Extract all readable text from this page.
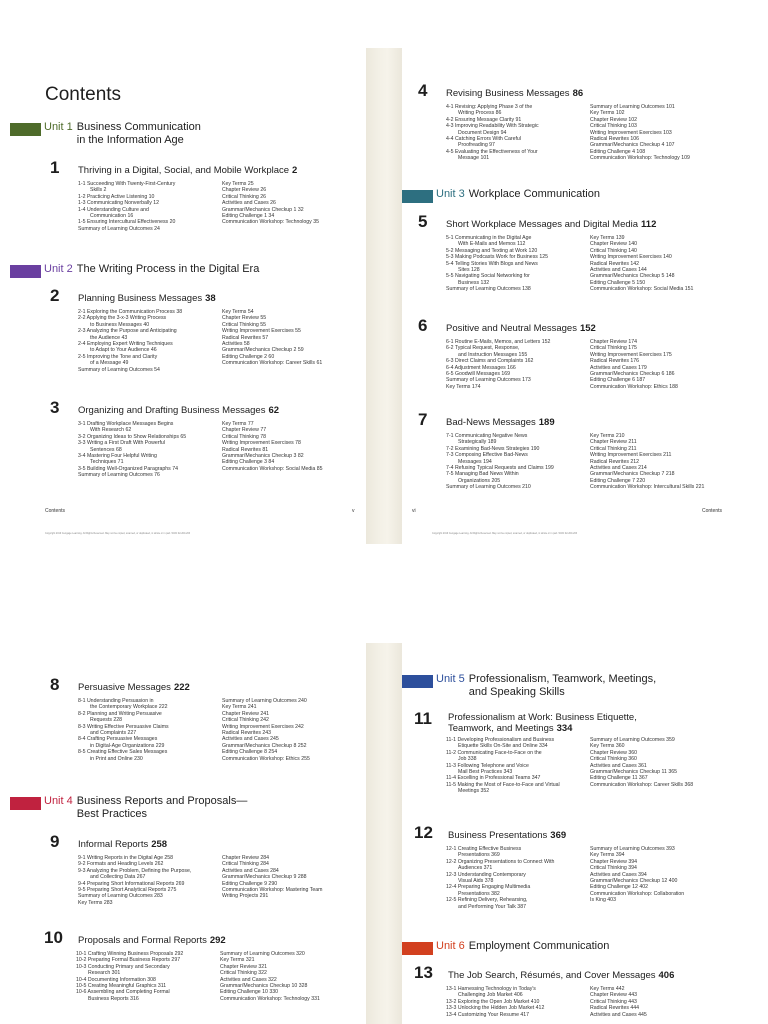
Contents
Unit 1 Business Communication
in the Information Age
1	Thriving in a Digital, Social, and Mobile Workplace 2
1-1 Succeeding With Twenty-First-Century
Skills 2
1-2 Practicing Active Listening 10
1-3 Communicating Nonverbally 12
1-4 Understanding Culture and
Communication 16
1-5 Ensuring Intercultural Effectiveness 20
Summary of Learning Outcomes 24
Key Terms 25
Chapter Review 26
Critical Thinking 26
Activities and Cases 26
Grammar/Mechanics Checkup 1 32
Editing Challenge 1 34
Communication Workshop: Technology 35
Unit 2 The Writing Process in the Digital Era
2	Planning Business Messages 38
2-1 Exploring the Communication Process 38
2-2 Applying the 3-x-3 Writing Process
to Business Messages 40
2-3 Analyzing the Purpose and Anticipating
the Audience 43
2-4 Employing Expert Writing Techniques
to Adapt to Your Audience 46
2-5 Improving the Tone and Clarity
of a Message 49
Summary of Learning Outcomes 54
Key Terms 54
Chapter Review 55
Critical Thinking 55
Writing Improvement Exercises 55
Radical Rewrites 57
Activities 58
Grammar/Mechanics Checkup 2 59
Editing Challenge 2 60
Communication Workshop: Career Skills 61
3	Organizing and Drafting Business Messages 62
3-1 Drafting Workplace Messages Begins
With Research 62
3-2 Organizing Ideas to Show Relationships 65
3-3 Writing a First Draft With Powerful
Sentences 68
3-4 Mastering Four Helpful Writing
Techniques 71
3-5 Building Well-Organized Paragraphs 74
Summary of Learning Outcomes 76
Key Terms 77
Chapter Review 77
Critical Thinking 78
Writing Improvement Exercises 78
Radical Rewrites 81
Grammar/Mechanics Checkup 3 82
Editing Challenge 3 84
Communication Workshop: Social Media 85
Contents	v
Copyright 2019 Cengage Learning. All Rights Reserved. May not be copied, scanned, or duplicated, in whole or in part. WCN 02-200-203
4	Revising Business Messages 86
4-1 Revising: Applying Phase 3 of the
Writing Process 86
4-2 Ensuring Message Clarity 91
4-3 Improving Readability With Strategic
Document Design 94
4-4 Catching Errors With Careful
Proofreading 97
4-5 Evaluating the Effectiveness of Your
Message 101
Summary of Learning Outcomes 101
Key Terms 102
Chapter Review 102
Critical Thinking 103
Writing Improvement Exercises 103
Radical Rewrites 106
Grammar/Mechanics Checkup 4 107
Editing Challenge 4 108
Communication Workshop: Technology 109
Unit 3 Workplace Communication
5	Short Workplace Messages and Digital Media 112
5-1 Communicating in the Digital Age
With E-Mails and Memos 112
5-2 Messaging and Texting at Work 120
5-3 Making Podcasts Work for Business 125
5-4 Telling Stories With Blogs and News
Sites 128
5-5 Navigating Social Networking for
Business 132
Summary of Learning Outcomes 138
Key Terms 139
Chapter Review 140
Critical Thinking 140
Writing Improvement Exercises 140
Radical Rewrites 142
Activities and Cases 144
Grammar/Mechanics Checkup 5 148
Editing Challenge 5 150
Communication Workshop: Social Media 151
6	Positive and Neutral Messages 152
6-1 Routine E-Mails, Memos, and Letters 152
6-2 Typical Request, Response,
and Instruction Messages 155
6-3 Direct Claims and Complaints 162
6-4 Adjustment Messages 166
6-5 Goodwill Messages 169
Summary of Learning Outcomes 173
Key Terms 174
Chapter Review 174
Critical Thinking 175
Writing Improvement Exercises 175
Radical Rewrites 176
Activities and Cases 179
Grammar/Mechanics Checkup 6 186
Editing Challenge 6 187
Communication Workshop: Ethics 188
7	Bad-News Messages 189
7-1 Communicating Negative News
Strategically 189
7-2 Examining Bad-News Strategies 190
7-3 Composing Effective Bad-News
Messages 194
7-4 Refusing Typical Requests and Claims 199
7-5 Managing Bad News Within
Organizations 205
Summary of Learning Outcomes 210
Key Terms 210
Chapter Review 211
Critical Thinking 211
Writing Improvement Exercises 211
Radical Rewrites 212
Activities and Cases 214
Grammar/Mechanics Checkup 7 218
Editing Challenge 7 220
Communication Workshop: Intercultural Skills 221
vi	Contents
Copyright 2019 Cengage Learning. All Rights Reserved. May not be copied, scanned, or duplicated, in whole or in part. WCN 02-200-203
8	Persuasive Messages 222
8-1 Understanding Persuasion in
the Contemporary Workplace 222
8-2 Planning and Writing Persuasive
Requests 228
8-3 Writing Effective Persuasive Claims
and Complaints 227
8-4 Crafting Persuasive Messages
in Digital-Age Organizations 229
8-5 Creating Effective Sales Messages
in Print and Online 230
Summary of Learning Outcomes 240
Key Terms 241
Chapter Review 241
Critical Thinking 242
Writing Improvement Exercises 242
Radical Rewrites 243
Activities and Cases 245
Grammar/Mechanics Checkup 8 252
Editing Challenge 8 254
Communication Workshop: Ethics 255
Unit 4 Business Reports and Proposals—
Best Practices
9	Informal Reports 258
9-1 Writing Reports in the Digital Age 258
9-2 Formats and Heading Levels 262
9-3 Analyzing the Problem, Defining the Purpose,
and Collecting Data 267
9-4 Preparing Short Informational Reports 269
9-5 Preparing Short Analytical Reports 275
Summary of Learning Outcomes 283
Key Terms 283
Chapter Review 284
Critical Thinking 284
Activities and Cases 284
Grammar/Mechanics Checkup 9 288
Editing Challenge 9 290
Communication Workshop: Mastering Team
Writing Projects 291
10	Proposals and Formal Reports 292
10-1 Crafting Winning Business Proposals 292
10-2 Preparing Formal Business Reports 297
10-3 Conducting Primary and Secondary
Research 301
10-4 Documenting Information 308
10-5 Creating Meaningful Graphics 311
10-6 Assembling and Completing Formal
Business Reports 316
Summary of Learning Outcomes 320
Key Terms 321
Chapter Review 321
Critical Thinking 322
Activities and Cases 322
Grammar/Mechanics Checkup 10 328
Editing Challenge 10 330
Communication Workshop: Technology 331
Unit 5 Professionalism, Teamwork, Meetings,
and Speaking Skills
11	Professionalism at Work: Business Etiquette,
Teamwork, and Meetings 334
11-1 Developing Professionalism and Business
Etiquette Skills On-Site and Online 334
11-2 Communicating Face-to-Face on the
Job 338
11-3 Following Telephone and Voice
Mail Best Practices 343
11-4 Excelling in Professional Teams 347
11-5 Making the Most of Face-to-Face and Virtual
Meetings 352
Summary of Learning Outcomes 359
Key Terms 360
Chapter Review 360
Critical Thinking 360
Activities and Cases 361
Grammar/Mechanics Checkup 11 365
Editing Challenge 11 367
Communication Workshop: Career Skills 368
12	Business Presentations 369
12-1 Creating Effective Business
Presentations 369
12-2 Organizing Presentations to Connect With
Audiences 371
12-3 Understanding Contemporary
Visual Aids 378
12-4 Preparing Engaging Multimedia
Presentations 382
12-5 Refining Delivery, Rehearsing,
and Performing Your Talk 387
Summary of Learning Outcomes 393
Key Terms 394
Chapter Review 394
Critical Thinking 394
Activities and Cases 394
Grammar/Mechanics Checkup 12 400
Editing Challenge 12 402
Communication Workshop: Collaboration
Is King 403
Unit 6 Employment Communication
13	The Job Search, Résumés, and Cover Messages 406
13-1 Harnessing Technology in Today's
Challenging Job Market 406
13-2 Exploring the Open Job Market 410
13-3 Unlocking the Hidden Job Market 412
13-4 Customizing Your Resume 417
Key Terms 442
Chapter Review 443
Critical Thinking 443
Radical Rewrites 444
Activities and Cases 445
